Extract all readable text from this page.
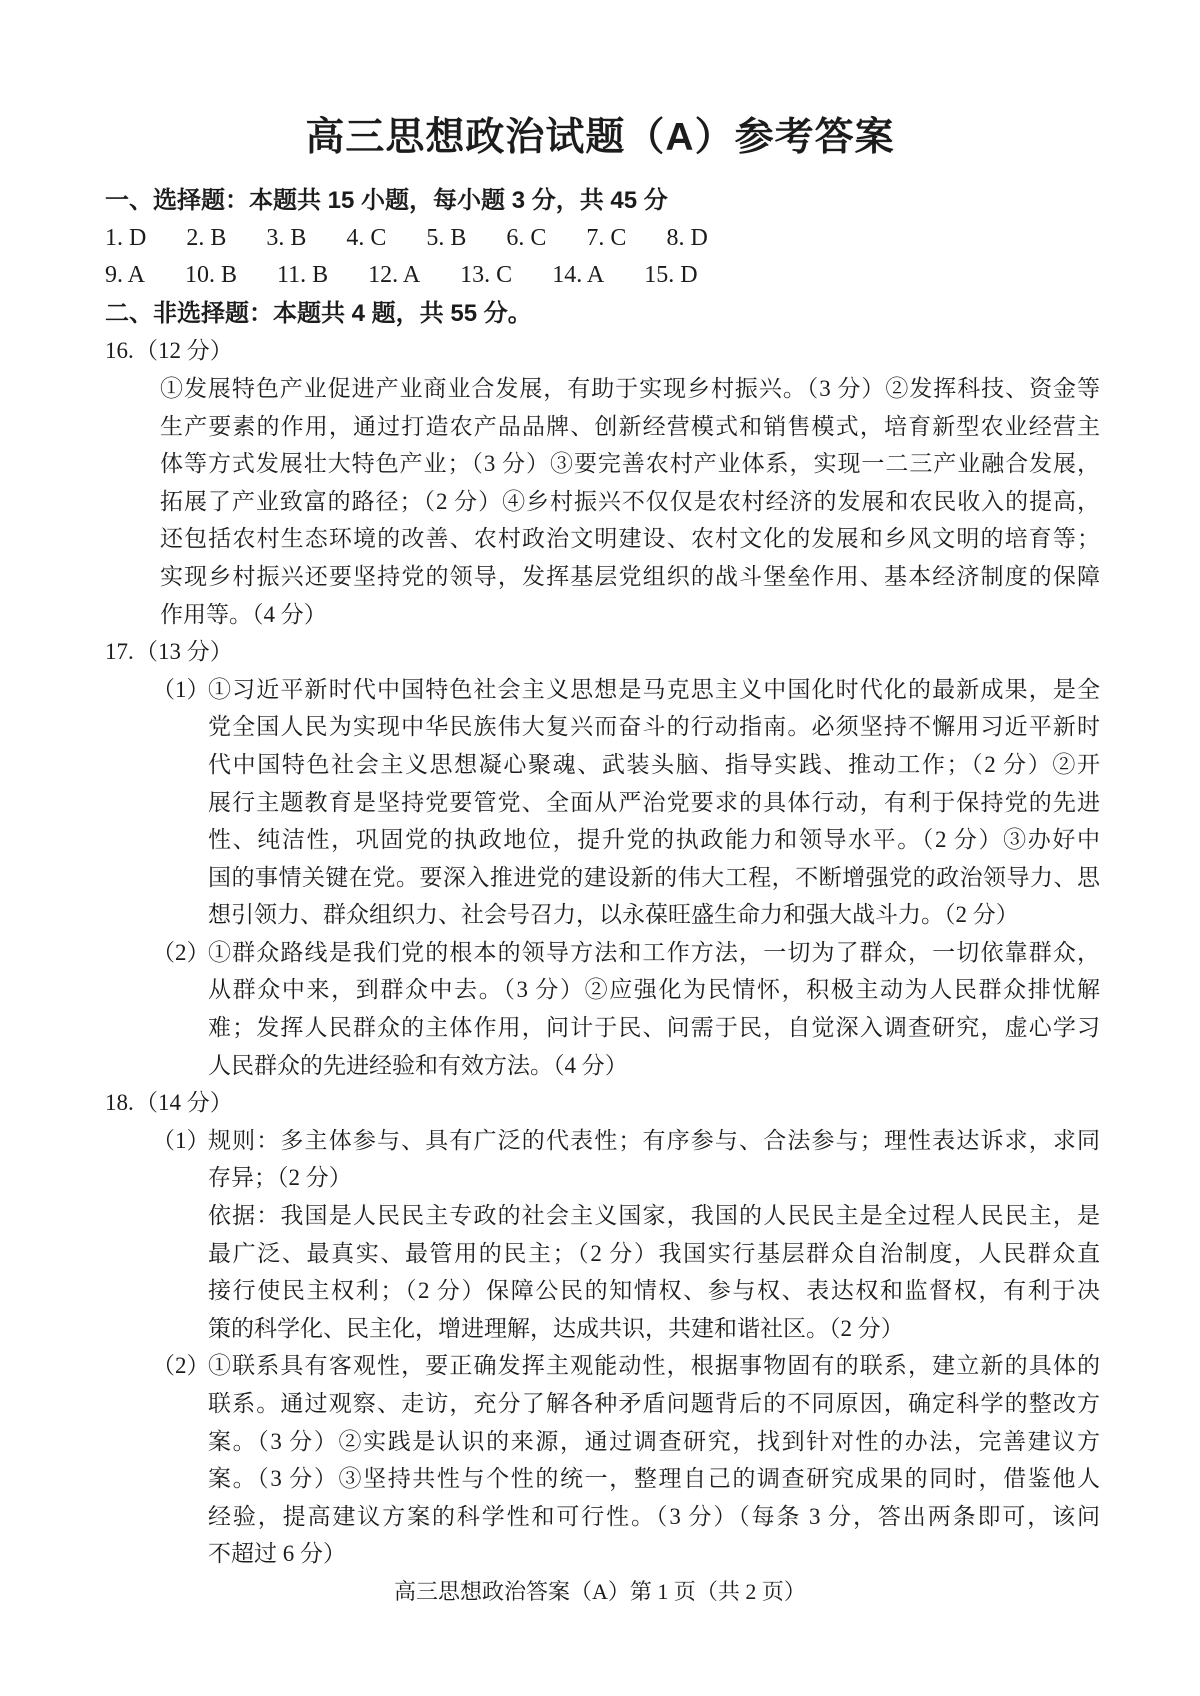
高三思想政治试题（A）参考答案
一、选择题：本题共 15 小题，每小题 3 分，共 45 分
1. D 2. B 3. B 4. C 5. B 6. C 7. C 8. D
9. A 10. B 11. B 12. A 13. C 14. A 15. D
二、非选择题：本题共 4 题，共 55 分。
16.（12 分）
①发展特色产业促进产业商业合发展，有助于实现乡村振兴。（3 分）②发挥科技、资金等
生产要素的作用，通过打造农产品品牌、创新经营模式和销售模式，培育新型农业经营主
体等方式发展壮大特色产业；（3 分）③要完善农村产业体系，实现一二三产业融合发展，
拓展了产业致富的路径；（2 分）④乡村振兴不仅仅是农村经济的发展和农民收入的提高，
还包括农村生态环境的改善、农村政治文明建设、农村文化的发展和乡风文明的培育等；
实现乡村振兴还要坚持党的领导，发挥基层党组织的战斗堡垒作用、基本经济制度的保障
作用等。（4 分）
17.（13 分）
（1）
①习近平新时代中国特色社会主义思想是马克思主义中国化时代化的最新成果，是全
党全国人民为实现中华民族伟大复兴而奋斗的行动指南。必须坚持不懈用习近平新时
代中国特色社会主义思想凝心聚魂、武装头脑、指导实践、推动工作；（2 分）②开
展行主题教育是坚持党要管党、全面从严治党要求的具体行动，有利于保持党的先进
性、纯洁性，巩固党的执政地位，提升党的执政能力和领导水平。（2 分）③办好中
国的事情关键在党。要深入推进党的建设新的伟大工程，不断增强党的政治领导力、思
想引领力、群众组织力、社会号召力，以永葆旺盛生命力和强大战斗力。（2 分）
（2）
①群众路线是我们党的根本的领导方法和工作方法，一切为了群众，一切依靠群众，
从群众中来，到群众中去。（3 分）②应强化为民情怀，积极主动为人民群众排忧解
难；发挥人民群众的主体作用，问计于民、问需于民，自觉深入调查研究，虚心学习
人民群众的先进经验和有效方法。（4 分）
18.（14 分）
（1）
规则：多主体参与、具有广泛的代表性；有序参与、合法参与；理性表达诉求，求同
存异；（2 分）
依据：我国是人民民主专政的社会主义国家，我国的人民民主是全过程人民民主，是
最广泛、最真实、最管用的民主；（2 分）我国实行基层群众自治制度，人民群众直
接行使民主权利；（2 分）保障公民的知情权、参与权、表达权和监督权，有利于决
策的科学化、民主化，增进理解，达成共识，共建和谐社区。（2 分）
（2）
①联系具有客观性，要正确发挥主观能动性，根据事物固有的联系，建立新的具体的
联系。通过观察、走访，充分了解各种矛盾问题背后的不同原因，确定科学的整改方
案。（3 分）②实践是认识的来源，通过调查研究，找到针对性的办法，完善建议方
案。（3 分）③坚持共性与个性的统一，整理自己的调查研究成果的同时，借鉴他人
经验，提高建议方案的科学性和可行性。（3 分）（每条 3 分，答出两条即可，该问
不超过 6 分）
高三思想政治答案（A）第 1 页（共 2 页）
